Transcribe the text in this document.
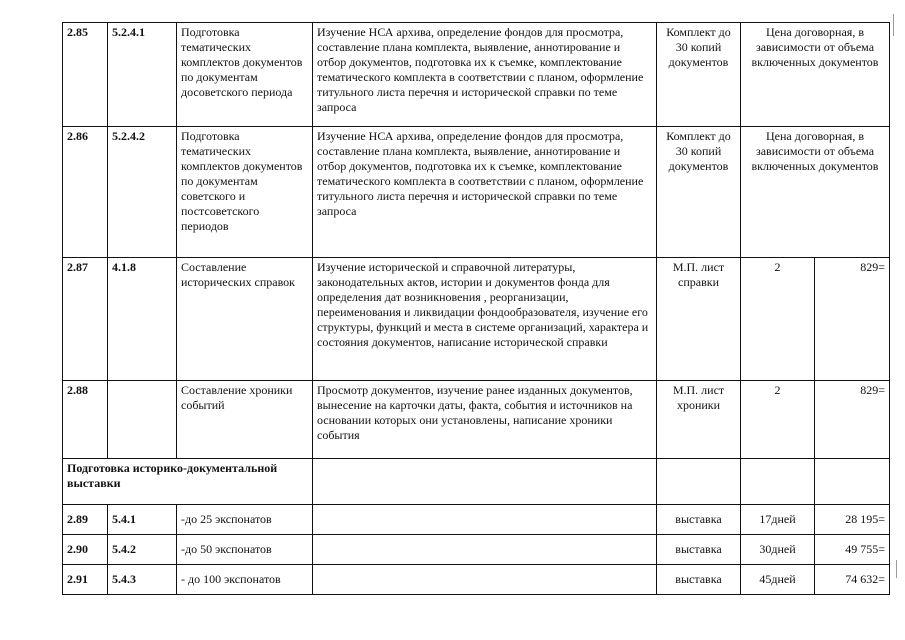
2.85	5.2.4.1	Подготовка тематических комплектов документов по документам досоветского периода	Изучение НСА архива, определение фондов для просмотра, составление плана комплекта, выявление, аннотирование и отбор документов, подготовка их к съемке, комплектование тематического комплекта в соответствии с планом, оформление титульного листа перечня и исторической справки по теме запроса	Комплект до 30 копий документов	Цена договорная, в зависимости от объема включенных документов	
2.86	5.2.4.2	Подготовка тематических комплектов документов по документам советского и постсоветского периодов	Изучение НСА архива, определение фондов для просмотра, составление плана комплекта, выявление, аннотирование и отбор документов, подготовка их к съемке, комплектование тематического комплекта в соответствии с планом, оформление титульного листа перечня и исторической справки по теме запроса	Комплект до 30 копий документов	Цена договорная, в зависимости от объема включенных документов	
2.87	4.1.8	Составление исторических справок	Изучение исторической и справочной литературы, законодательных актов, истории и документов фонда для определения дат возникновения , реорганизации, переименования и ликвидации фондообразователя, изучение его структуры, функций и места в системе организаций, характера и состояния документов, написание исторической справки	М.П. лист справки	2	829=
2.88		Составление хроники событий	Просмотр документов, изучение ранее изданных документов, вынесение на карточки даты, факта, события и источников на основании которых они установлены, написание хроники события	М.П. лист хроники	2	829=
Подготовка историко-документальной выставки						
2.89	5.4.1	-до 25 экспонатов		выставка	17дней	28 195=
2.90	5.4.2	-до 50 экспонатов		выставка	30дней	49 755=
2.91	5.4.3	- до 100 экспонатов		выставка	45дней	74 632=
